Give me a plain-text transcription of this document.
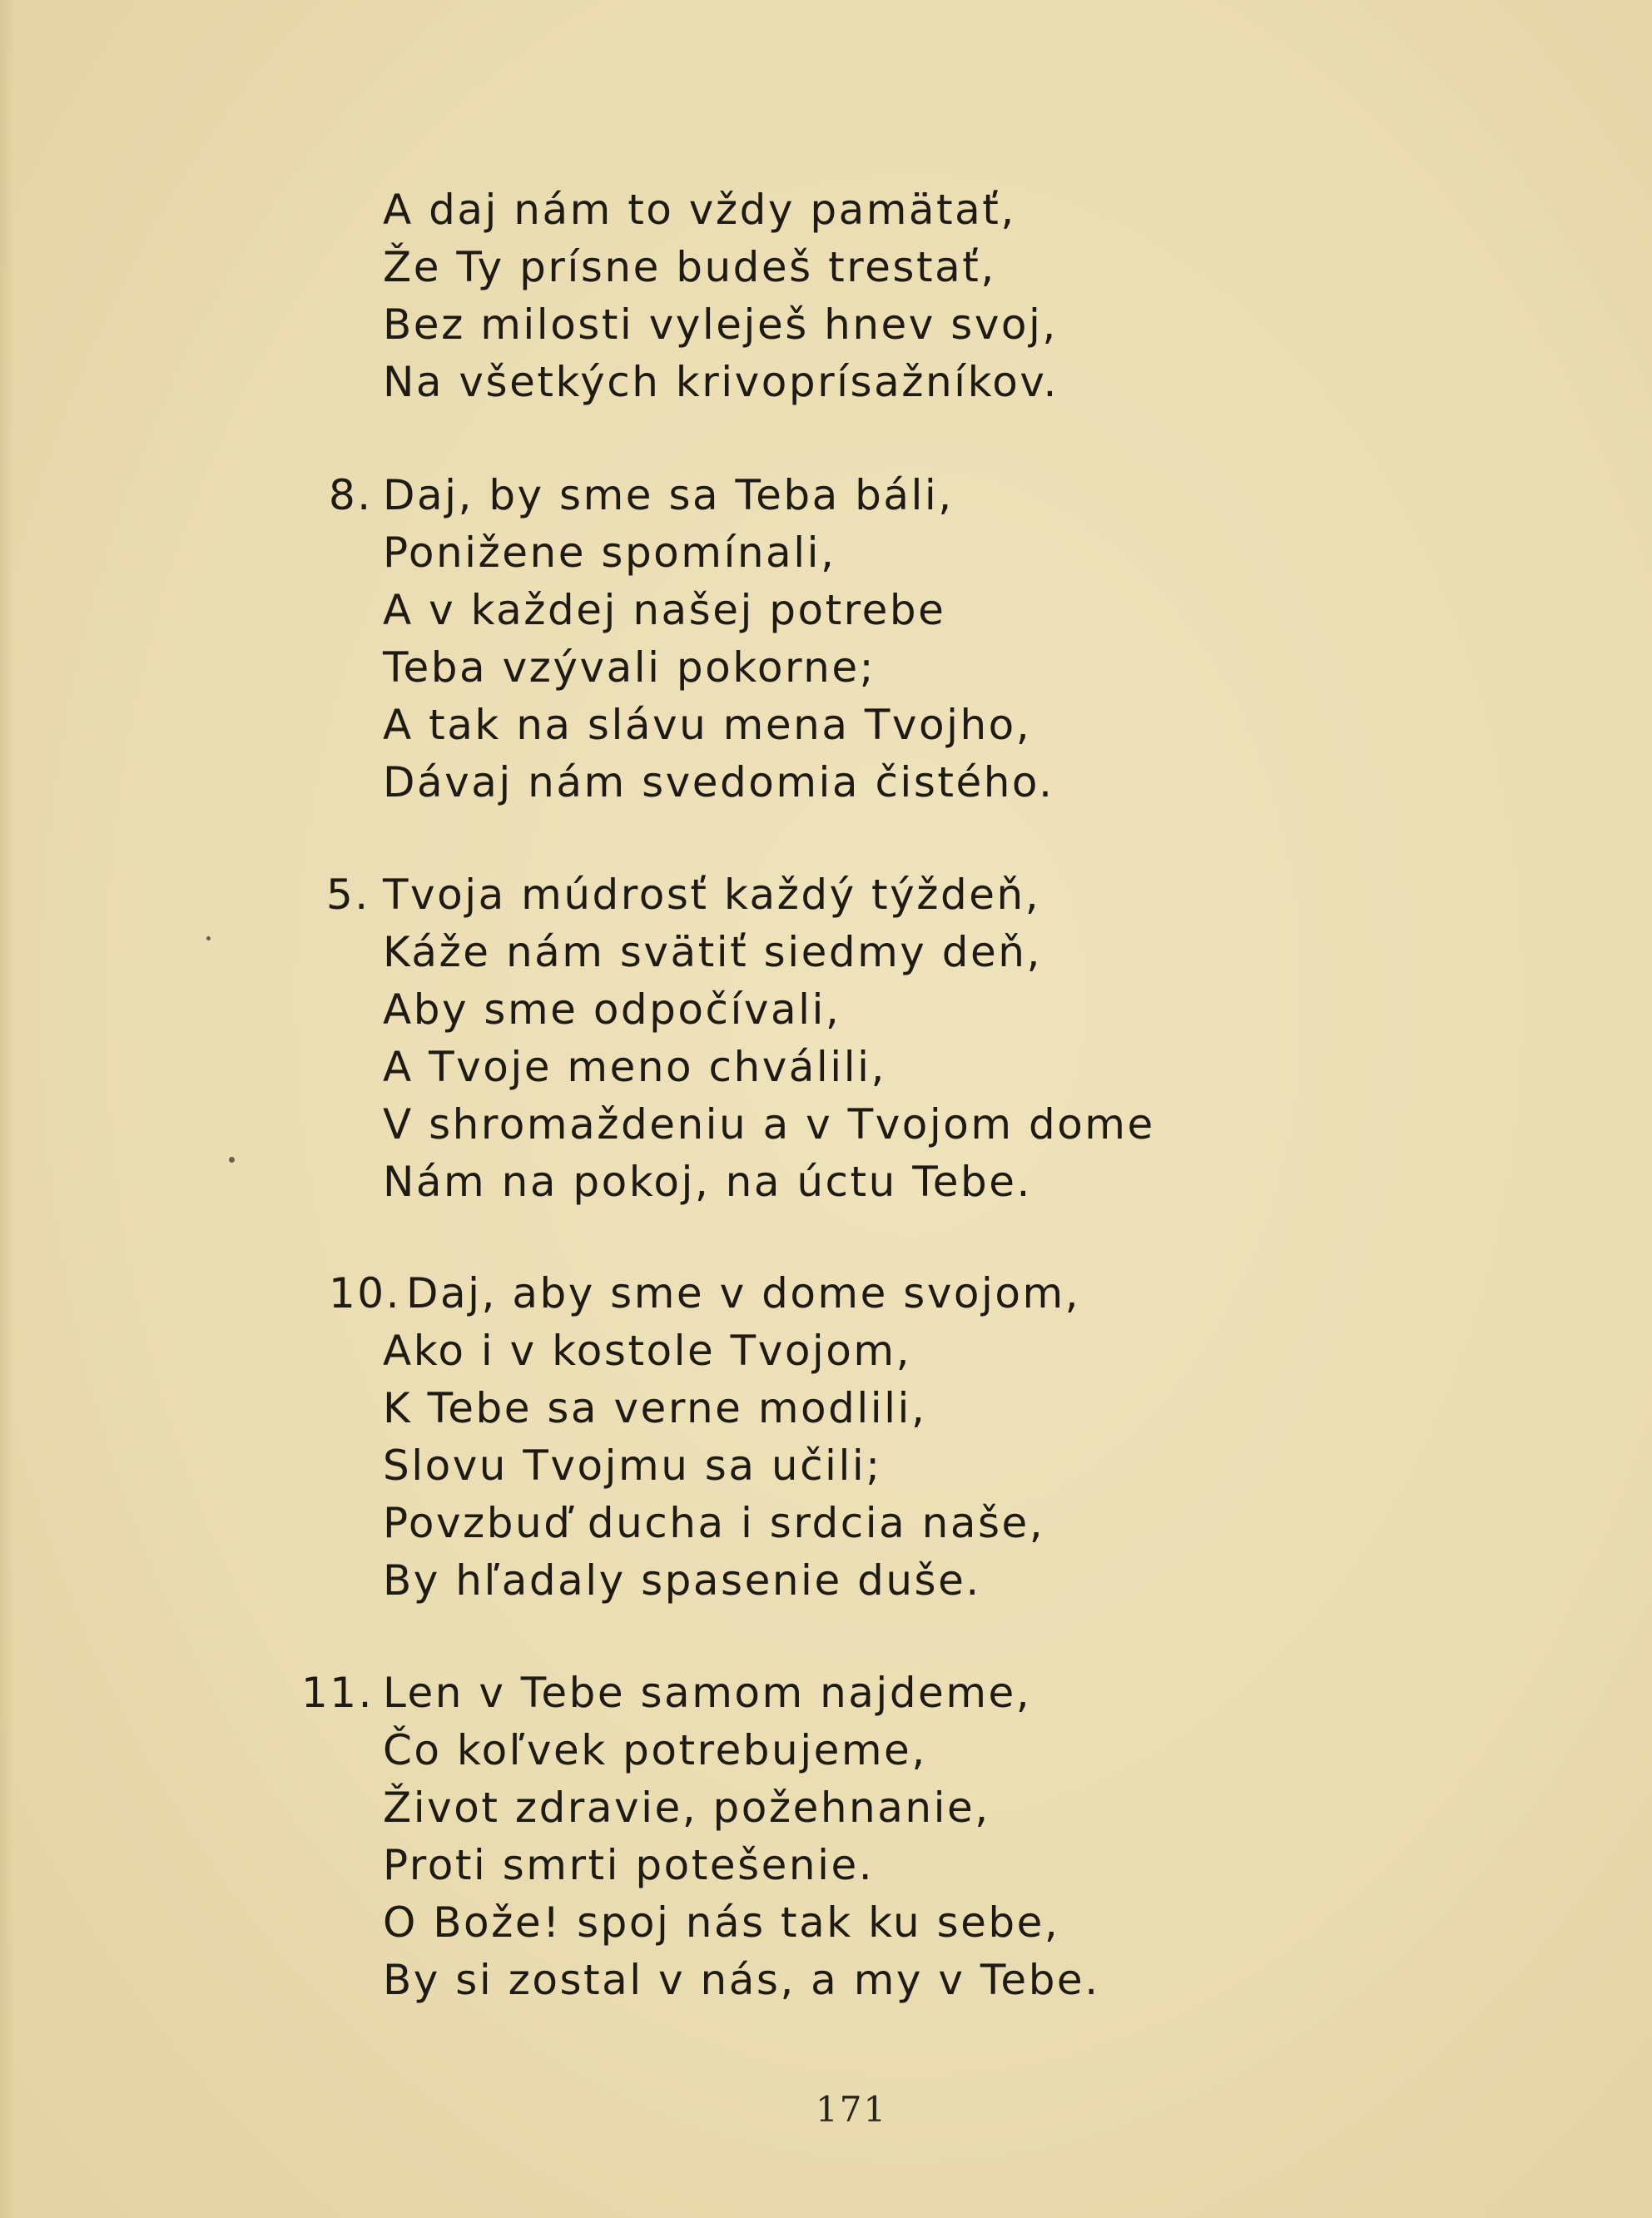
A daj nám to vždy pamätať,
Že Ty prísne budeš trestať,
Bez milosti vyleješ hnev svoj,
Na všetkých krivoprísažníkov.
8. Daj, by sme sa Teba báli,
Ponižene spomínali,
A v každej našej potrebe
Teba vzývali pokorne;
A tak na slávu mena Tvojho,
Dávaj nám svedomia čistého.
5. Tvoja múdrosť každý týždeň,
Káže nám svätiť siedmy deň,
Aby sme odpočívali,
A Tvoje meno chválili,
V shromaždeniu a v Tvojom dome
Nám na pokoj, na úctu Tebe.
10. Daj, aby sme v dome svojom,
Ako i v kostole Tvojom,
K Tebe sa verne modlili,
Slovu Tvojmu sa učili;
Povzbuď ducha i srdcia naše,
By hľadaly spasenie duše.
11. Len v Tebe samom najdeme,
Čo koľvek potrebujeme,
Život zdravie, požehnanie,
Proti smrti potešenie.
O Bože! spoj nás tak ku sebe,
By si zostal v nás, a my v Tebe.
171
